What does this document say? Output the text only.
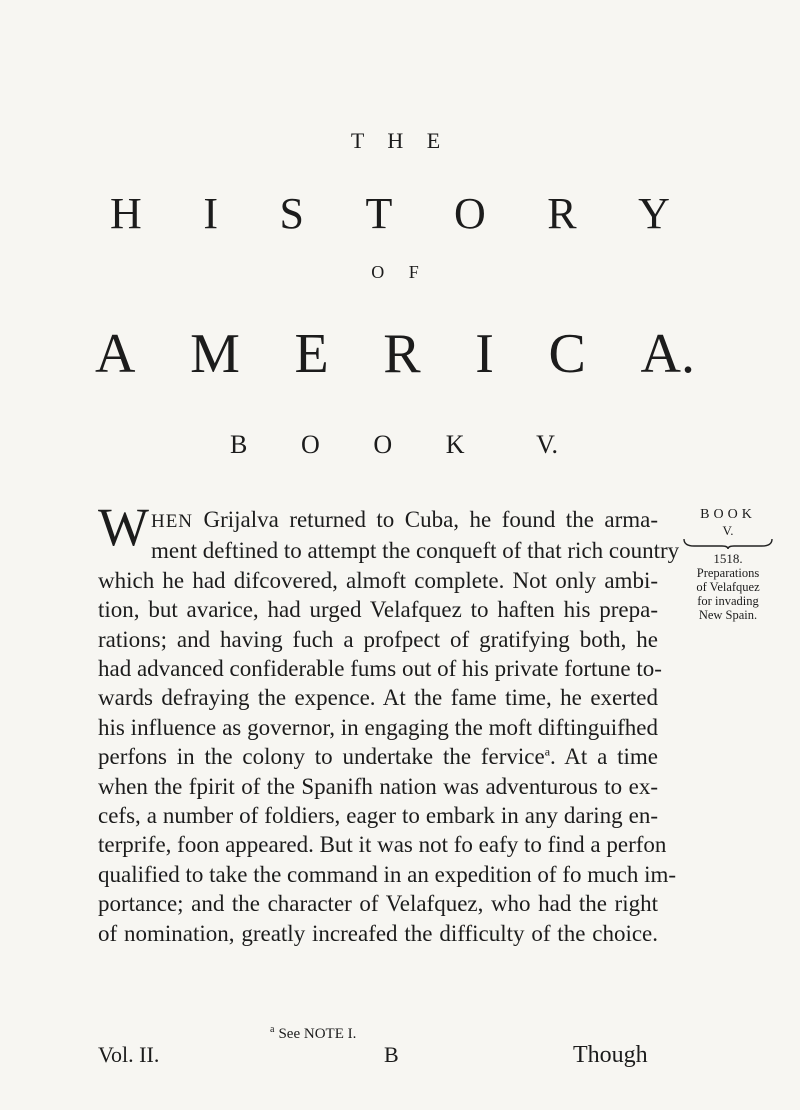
T H E
H I S T O R Y
O F
A M E R I C A.
B O O K	V.
WHEN Grijalva returned to Cuba, he found the arma-
ment deftined to attempt the conqueft of that rich country
which he had difcovered, almoft complete. Not only ambi-
tion, but avarice, had urged Velafquez to haften his prepa-
rations; and having fuch a profpect of gratifying both, he
had advanced confiderable fums out of his private fortune to-
wards defraying the expence. At the fame time, he exerted
his influence as governor, in engaging the moft diftinguifhed
perfons in the colony to undertake the fervice$^a$. At a time
when the fpirit of the Spanifh nation was adventurous to ex-
cefs, a number of foldiers, eager to embark in any daring en-
terprife, foon appeared. But it was not fo eafy to find a perfon
qualified to take the command in an expedition of fo much im-
portance; and the character of Velafquez, who had the right
of nomination, greatly increafed the difficulty of the choice.
BOOK
V.
1518.
Preparations
of Velafquez
for invading
New Spain.
$^a$ See NOTE I.
Vol. II.	B	Though
